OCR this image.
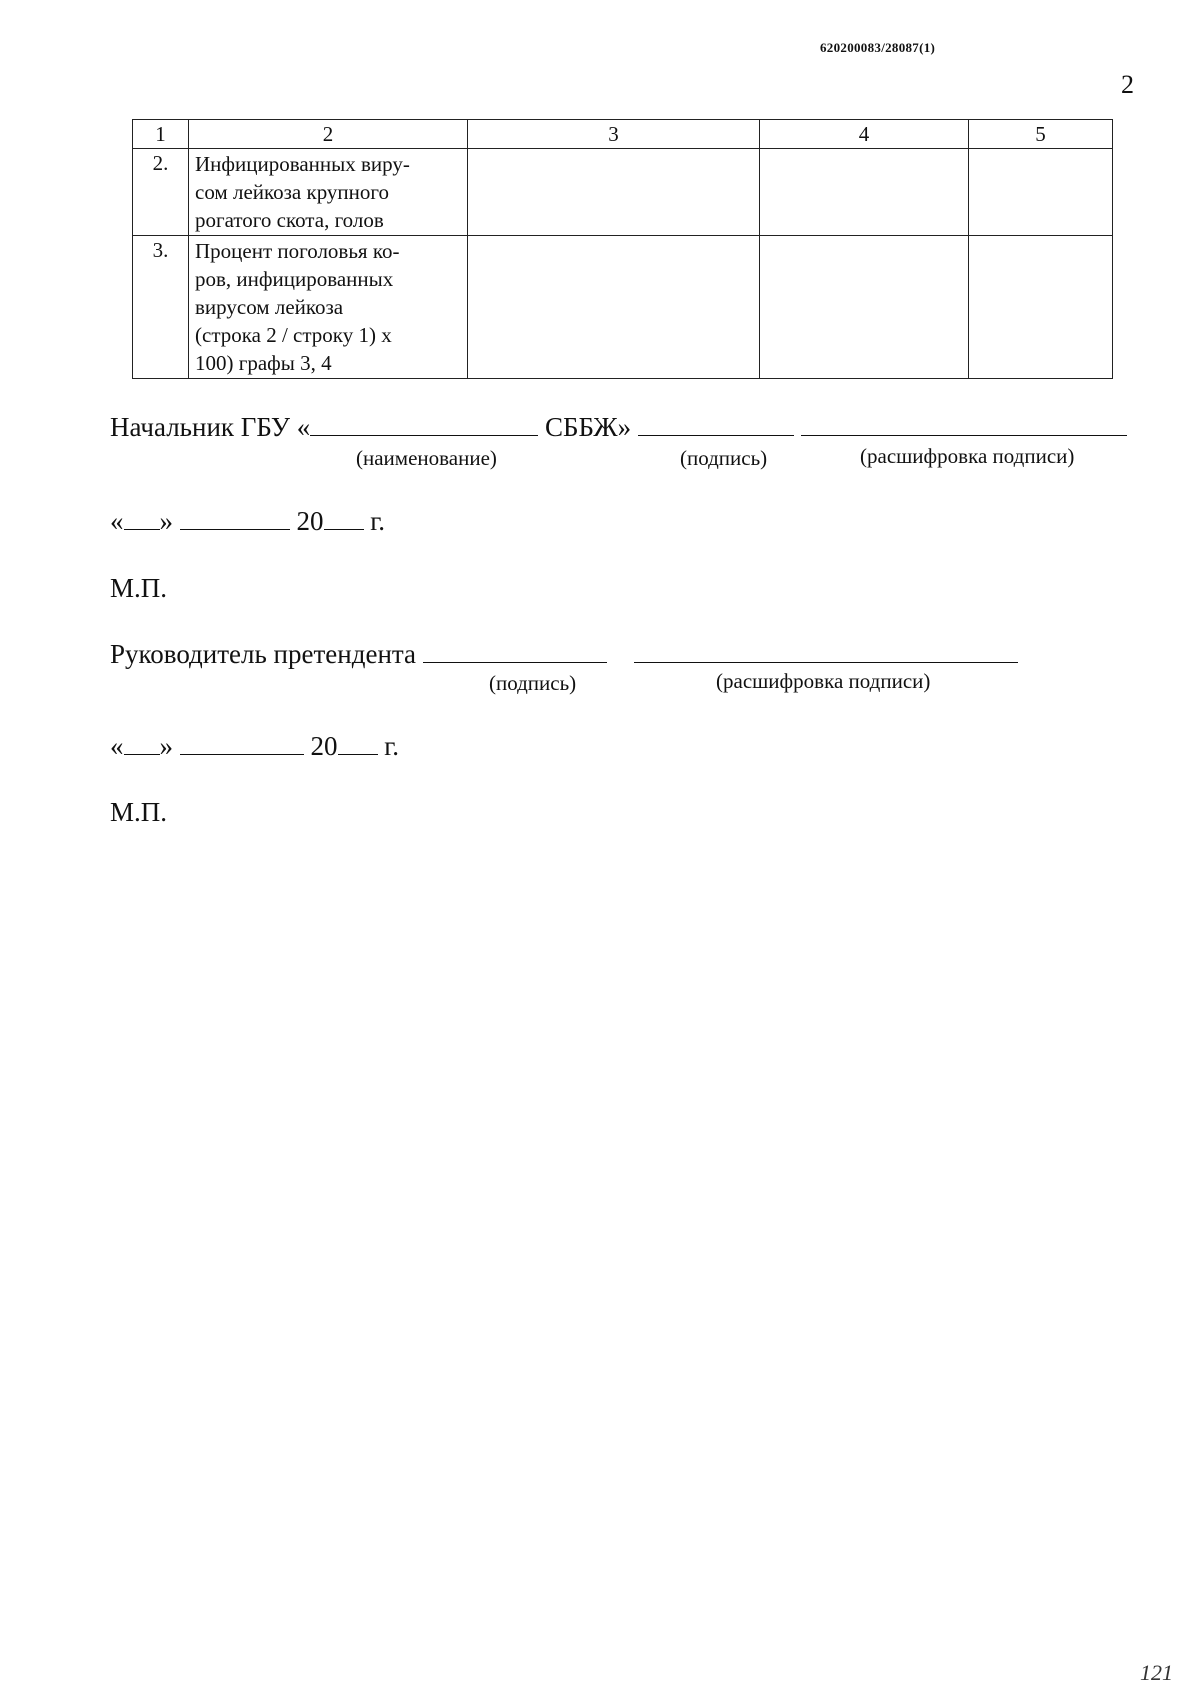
620200083/28087(1)
2
1	2	3	4	5
2.	Инфицированных виру-
сом лейкоза крупного
рогатого скота, голов			

3.	Процент поголовья ко-
ров, инфицированных
вирусом лейкоза
(строка 2 / строку 1) х
100) графы 3, 4			

Начальник ГБУ «	СББЖ»
(наименование)	(подпись)	(расшифровка подписи)
« »	20 г.
М.П.
Руководитель претендента
(подпись)	(расшифровка подписи)
« »	20 г.
М.П.
121
